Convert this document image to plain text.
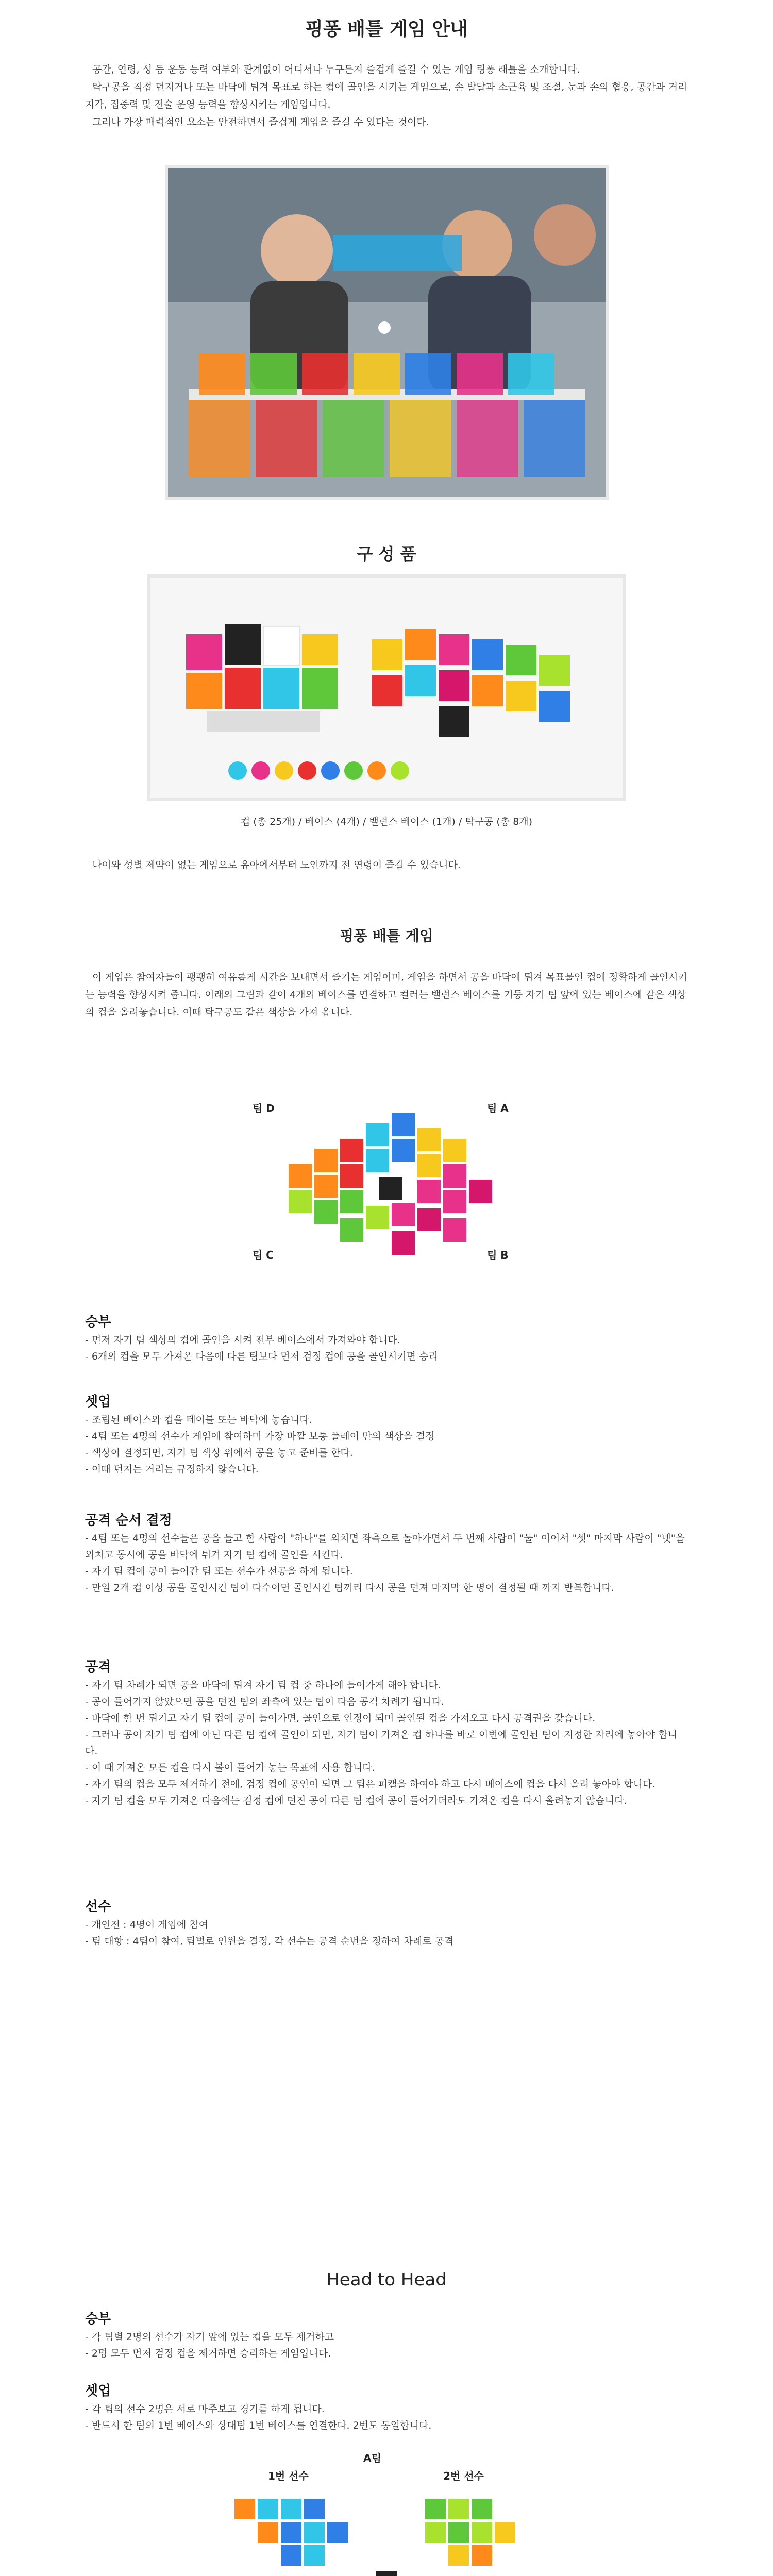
핑퐁 배틀 게임 안내

공간, 연령, 성 등 운동 능력 여부와 관계없이 어디서나 누구든지 즐겁게 즐길 수 있는 게임 링퐁 래틀을 소개합니다.

탁구공을 직접 던지거나 또는 바닥에 튀겨 목표로 하는 컵에 골인을 시키는 게임으로, 손 발달과 소근육 및 조절, 눈과 손의 협응, 공간과 거리 지각, 집중력 및 전술 운영 능력을 향상시키는 게임입니다.

그러나 가장 매력적인 요소는 안전하면서 즐겁게 게임을 즐길 수 있다는 것이다.

구 성 품
컵 (총 25개) / 베이스 (4개) / 밸런스 베이스 (1개) / 탁구공 (총 8개)

나이와 성별 제약이 없는 게임으로 유아에서부터 노인까지 전 연령이 즐길 수 있습니다.

핑퐁 배틀 게임

이 게임은 참여자들이 팽팽히 여유롭게 시간을 보내면서 즐기는 게임이며, 게임을 하면서 공을 바닥에 튀겨 목표물인 컵에 정확하게 골인시키는 능력을 향상시켜 줍니다. 이래의 그림과 같이 4개의 베이스를 연결하고 컬러는 밸런스 베이스를 기둥 자기 팀 앞에 있는 베이스에 같은 색상의 컵을 올려놓습니다. 이때 탁구공도 같은 색상을 가져 옵니다.

팀 D	팀 A
팀 C	팀 B
승부
- 먼저 자기 팀 색상의 컵에 골인을 시켜 전부 베이스에서 가져와야 합니다.
- 6개의 컵을 모두 가져온 다음에 다른 팀보다 먼저 검정 컵에 공을 골인시키면 승리
셋업
- 조립된 베이스와 컵을 테이블 또는 바닥에 놓습니다.
- 4팀 또는 4명의 선수가 게임에 참여하며 가장 바깥 보통 플레이 만의 색상을 결정
- 색상이 결정되면, 자기 팀 색상 위에서 공을 놓고 준비를 한다.
- 이때 던지는 거리는 규정하지 않습니다.
공격 순서 결정
- 4팀 또는 4명의 선수들은 공을 들고 한 사람이 "하나"를 외치면 좌측으로 돌아가면서 두 번째 사람이 "둘" 이어서 "셋" 마지막 사람이 "넷"을 외치고 동시에 공을 바닥에 튀겨 자기 팀 컵에 골인을 시킨다.
- 자기 팀 컵에 공이 들어간 팀 또는 선수가 선공을 하게 됩니다.
- 만일 2개 컵 이상 공을 골인시킨 팀이 다수이면 골인시킨 팀끼리 다시 공을 던져 마지막 한 명이 결정될 때 까지 반복합니다.
공격
- 자기 팀 차례가 되면 공을 바닥에 튀겨 자기 팀 컵 중 하나에 들어가게 해야 합니다.
- 공이 들어가지 않았으면 공을 던진 팀의 좌측에 있는 팀이 다음 공격 차례가 됩니다.
- 바닥에 한 번 튀기고 자기 팀 컵에 공이 들어가면, 골인으로 인정이 되며 골인된 컵을 가져오고 다시 공격권을 갖습니다.
- 그러나 공이 자기 팀 컵에 아닌 다른 팀 컵에 골인이 되면, 자기 팀이 가져온 컵 하나를 바로 이번에 골인된 팀이 지정한 자리에 놓아야 합니다.
- 이 때 가져온 모든 컵을 다시 볼이 들어가 놓는 목표에 사용 합니다.
- 자기 팀의 컵을 모두 제거하기 전에, 검정 컵에 공인이 되면 그 팀은 피캘을 하여야 하고 다시 베이스에 컵을 다시 올려 놓아야 합니다.
- 자기 팀 컵을 모두 가져온 다음에는 검정 컵에 던진 공이 다른 팀 컵에 공이 들어가더라도 가져온 컵을 다시 올려놓지 않습니다.
선수
- 개인전 : 4명이 게임에 참여
- 팀 대항 : 4팀이 참여, 팀별로 인원을 결정, 각 선수는 공격 순번을 정하여 차례로 공격
Head to Head
승부
- 각 팀별 2명의 선수가 자기 앞에 있는 컵을 모두 제거하고
- 2명 모두 먼저 검정 컵을 제거하면 승리하는 게임입니다.
셋업
- 각 팀의 선수 2명은 서로 마주보고 경기를 하게 됩니다.
- 반드시 한 팀의 1번 베이스와 상대팀 1번 베이스를 연결한다. 2번도 동일합니다.
A팀
1번 선수	2번 선수
